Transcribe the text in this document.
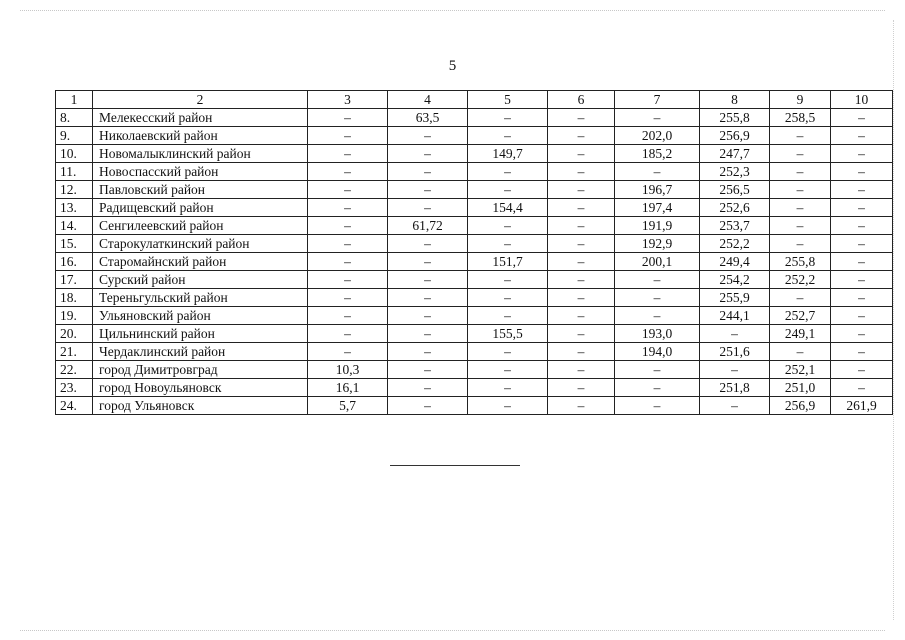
5
1	2	3	4	5	6	7	8	9	10
8.	Мелекесский район	–	63,5	–	–	–	255,8	258,5	–
9.	Николаевский район	–	–	–	–	202,0	256,9	–	–
10.	Новомалыклинский район	–	–	149,7	–	185,2	247,7	–	–
11.	Новоспасский район	–	–	–	–	–	252,3	–	–
12.	Павловский район	–	–	–	–	196,7	256,5	–	–
13.	Радищевский район	–	–	154,4	–	197,4	252,6	–	–
14.	Сенгилеевский район	–	61,72	–	–	191,9	253,7	–	–
15.	Старокулаткинский район	–	–	–	–	192,9	252,2	–	–
16.	Старомайнский район	–	–	151,7	–	200,1	249,4	255,8	–
17.	Сурский район	–	–	–	–	–	254,2	252,2	–
18.	Тереньгульский район	–	–	–	–	–	255,9	–	–
19.	Ульяновский район	–	–	–	–	–	244,1	252,7	–
20.	Цильнинский район	–	–	155,5	–	193,0	–	249,1	–
21.	Чердаклинский район	–	–	–	–	194,0	251,6	–	–
22.	город Димитровград	10,3	–	–	–	–	–	252,1	–
23.	город Новоульяновск	16,1	–	–	–	–	251,8	251,0	–
24.	город Ульяновск	5,7	–	–	–	–	–	256,9	261,9
